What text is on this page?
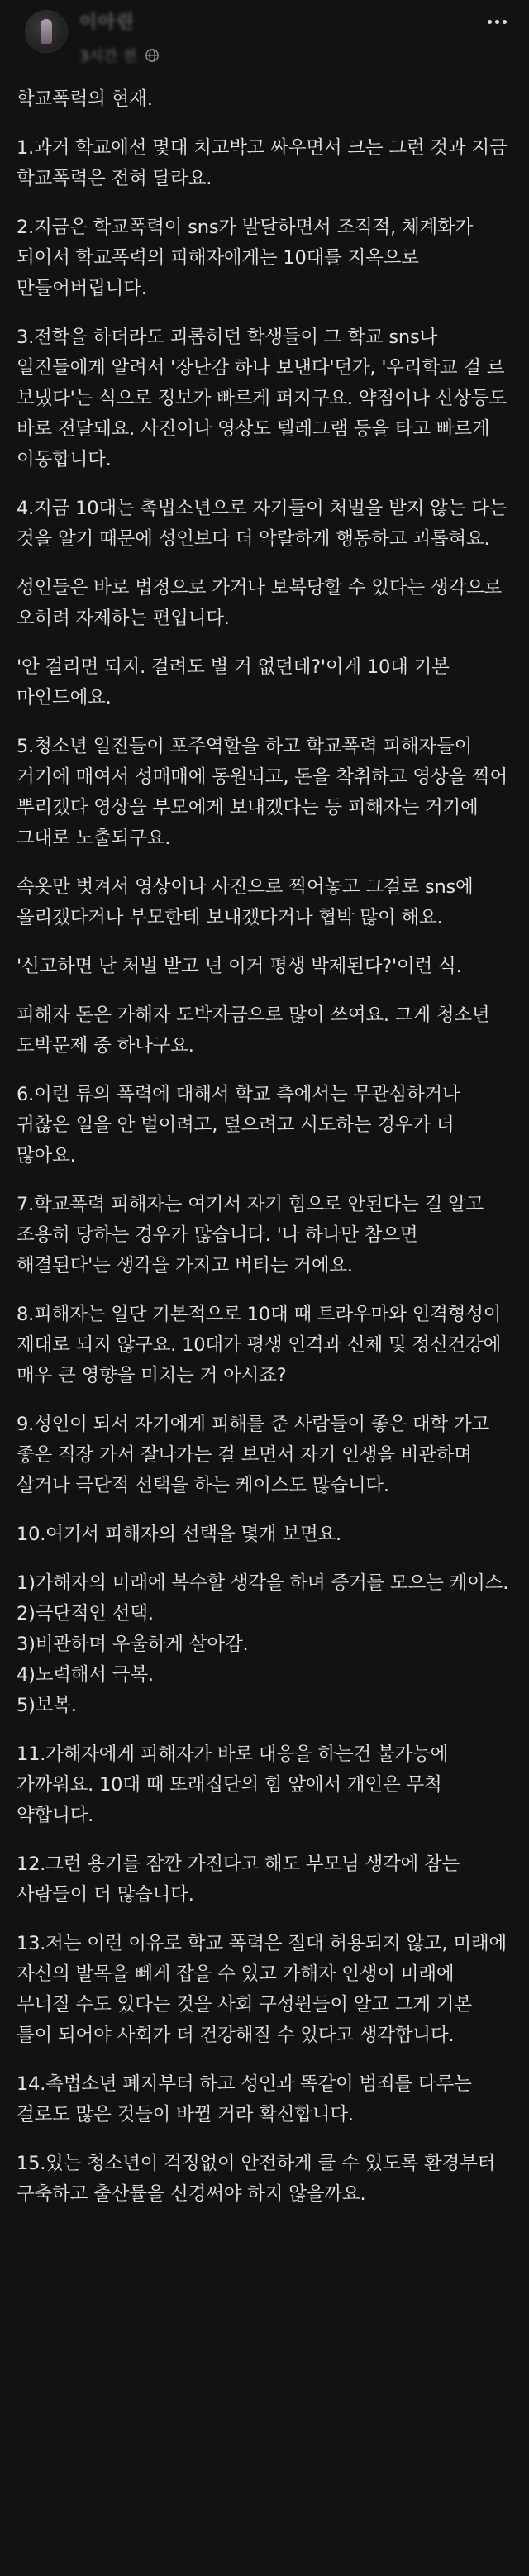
이아린
3시간 전

학교폭력의 현재.

1.과거 학교에선 몇대 치고박고 싸우면서 크는 그런 것과 지금 학교폭력은 전혀 달라요.

2.지금은 학교폭력이 sns가 발달하면서 조직적, 체계화가 되어서 학교폭력의 피해자에게는 10대를 지옥으로 만들어버립니다.

3.전학을 하더라도 괴롭히던 학생들이 그 학교 sns나 일진들에게 알려서 '장난감 하나 보낸다'던가, '우리학교 걸 르 보냈다'는 식으로 정보가 빠르게 퍼지구요. 약점이나 신상등도 바로 전달돼요. 사진이나 영상도 텔레그램 등을 타고 빠르게 이동합니다.

4.지금 10대는 촉법소년으로 자기들이 처벌을 받지 않는 다는 것을 알기 때문에 성인보다 더 악랄하게 행동하고 괴롭혀요.

성인들은 바로 법정으로 가거나 보복당할 수 있다는 생각으로 오히려 자제하는 편입니다.

'안 걸리면 되지. 걸려도 별 거 없던데?'이게 10대 기본 마인드에요.

5.청소년 일진들이 포주역할을 하고 학교폭력 피해자들이 거기에 매여서 성매매에 동원되고, 돈을 착취하고 영상을 찍어 뿌리겠다 영상을 부모에게 보내겠다는 등 피해자는 거기에 그대로 노출되구요.

속옷만 벗겨서 영상이나 사진으로 찍어놓고 그걸로 sns에 올리겠다거나 부모한테 보내겠다거나 협박 많이 해요.

'신고하면 난 처벌 받고 넌 이거 평생 박제된다?'이런 식.

피해자 돈은 가해자 도박자금으로 많이 쓰여요. 그게 청소년 도박문제 중 하나구요.

6.이런 류의 폭력에 대해서 학교 측에서는 무관심하거나 귀찮은 일을 안 벌이려고, 덮으려고 시도하는 경우가 더 많아요.

7.학교폭력 피해자는 여기서 자기 힘으로 안된다는 걸 알고 조용히 당하는 경우가 많습니다. '나 하나만 참으면 해결된다'는 생각을 가지고 버티는 거에요.

8.피해자는 일단 기본적으로 10대 때 트라우마와 인격형성이 제대로 되지 않구요. 10대가 평생 인격과 신체 및 정신건강에 매우 큰 영향을 미치는 거 아시죠?

9.성인이 되서 자기에게 피해를 준 사람들이 좋은 대학 가고 좋은 직장 가서 잘나가는 걸 보면서 자기 인생을 비관하며 살거나 극단적 선택을 하는 케이스도 많습니다.

10.여기서 피해자의 선택을 몇개 보면요.

1)가해자의 미래에 복수할 생각을 하며 증거를 모으는 케이스.
2)극단적인 선택.
3)비관하며 우울하게 살아감.
4)노력해서 극복.
5)보복.

11.가해자에게 피해자가 바로 대응을 하는건 불가능에 가까워요. 10대 때 또래집단의 힘 앞에서 개인은 무척 약합니다.

12.그런 용기를 잠깐 가진다고 해도 부모님 생각에 참는 사람들이 더 많습니다.

13.저는 이런 이유로 학교 폭력은 절대 허용되지 않고, 미래에 자신의 발목을 뻬게 잡을 수 있고 가해자 인생이 미래에 무너질 수도 있다는 것을 사회 구성원들이 알고 그게 기본 틀이 되어야 사회가 더 건강해질 수 있다고 생각합니다.

14.촉법소년 폐지부터 하고 성인과 똑같이 범죄를 다루는 걸로도 많은 것들이 바뀔 거라 확신합니다.

15.있는 청소년이 걱정없이 안전하게 클 수 있도록 환경부터 구축하고 출산률을 신경써야 하지 않을까요.
